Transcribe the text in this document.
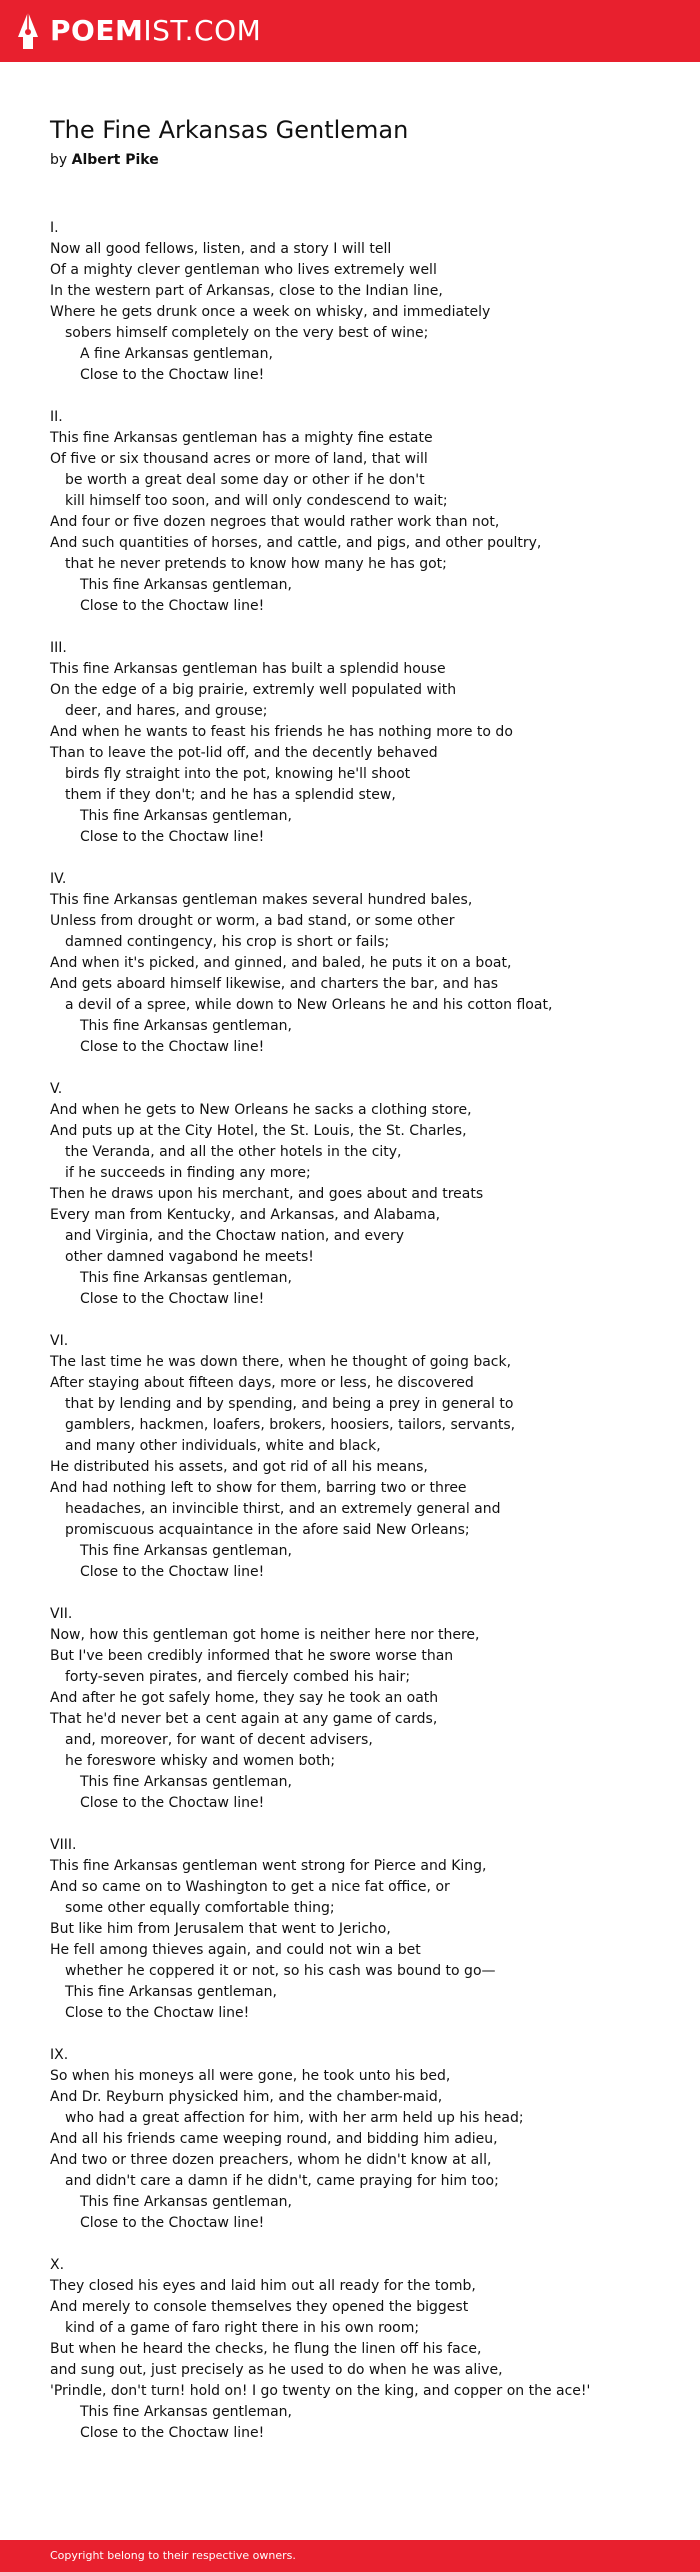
POEMIST.COM
The Fine Arkansas Gentleman
by Albert Pike
I.
Now all good fellows, listen, and a story I will tell
Of a mighty clever gentleman who lives extremely well
In the western part of Arkansas, close to the Indian line,
Where he gets drunk once a week on whisky, and immediately
sobers himself completely on the very best of wine;
A fine Arkansas gentleman,
Close to the Choctaw line!
II.
This fine Arkansas gentleman has a mighty fine estate
Of five or six thousand acres or more of land, that will
be worth a great deal some day or other if he don't
kill himself too soon, and will only condescend to wait;
And four or five dozen negroes that would rather work than not,
And such quantities of horses, and cattle, and pigs, and other poultry,
that he never pretends to know how many he has got;
This fine Arkansas gentleman,
Close to the Choctaw line!
III.
This fine Arkansas gentleman has built a splendid house
On the edge of a big prairie, extremly well populated with
deer, and hares, and grouse;
And when he wants to feast his friends he has nothing more to do
Than to leave the pot-lid off, and the decently behaved
birds fly straight into the pot, knowing he'll shoot
them if they don't; and he has a splendid stew,
This fine Arkansas gentleman,
Close to the Choctaw line!
IV.
This fine Arkansas gentleman makes several hundred bales,
Unless from drought or worm, a bad stand, or some other
damned contingency, his crop is short or fails;
And when it's picked, and ginned, and baled, he puts it on a boat,
And gets aboard himself likewise, and charters the bar, and has
a devil of a spree, while down to New Orleans he and his cotton float,
This fine Arkansas gentleman,
Close to the Choctaw line!
V.
And when he gets to New Orleans he sacks a clothing store,
And puts up at the City Hotel, the St. Louis, the St. Charles,
the Veranda, and all the other hotels in the city,
if he succeeds in finding any more;
Then he draws upon his merchant, and goes about and treats
Every man from Kentucky, and Arkansas, and Alabama,
and Virginia, and the Choctaw nation, and every
other damned vagabond he meets!
This fine Arkansas gentleman,
Close to the Choctaw line!
VI.
The last time he was down there, when he thought of going back,
After staying about fifteen days, more or less, he discovered
that by lending and by spending, and being a prey in general to
gamblers, hackmen, loafers, brokers, hoosiers, tailors, servants,
and many other individuals, white and black,
He distributed his assets, and got rid of all his means,
And had nothing left to show for them, barring two or three
headaches, an invincible thirst, and an extremely general and
promiscuous acquaintance in the afore said New Orleans;
This fine Arkansas gentleman,
Close to the Choctaw line!
VII.
Now, how this gentleman got home is neither here nor there,
But I've been credibly informed that he swore worse than
forty-seven pirates, and fiercely combed his hair;
And after he got safely home, they say he took an oath
That he'd never bet a cent again at any game of cards,
and, moreover, for want of decent advisers,
he foreswore whisky and women both;
This fine Arkansas gentleman,
Close to the Choctaw line!
VIII.
This fine Arkansas gentleman went strong for Pierce and King,
And so came on to Washington to get a nice fat office, or
some other equally comfortable thing;
But like him from Jerusalem that went to Jericho,
He fell among thieves again, and could not win a bet
whether he coppered it or not, so his cash was bound to go—
This fine Arkansas gentleman,
Close to the Choctaw line!
IX.
So when his moneys all were gone, he took unto his bed,
And Dr. Reyburn physicked him, and the chamber-maid,
who had a great affection for him, with her arm held up his head;
And all his friends came weeping round, and bidding him adieu,
And two or three dozen preachers, whom he didn't know at all,
and didn't care a damn if he didn't, came praying for him too;
This fine Arkansas gentleman,
Close to the Choctaw line!
X.
They closed his eyes and laid him out all ready for the tomb,
And merely to console themselves they opened the biggest
kind of a game of faro right there in his own room;
But when he heard the checks, he flung the linen off his face,
and sung out, just precisely as he used to do when he was alive,
'Prindle, don't turn! hold on! I go twenty on the king, and copper on the ace!'
This fine Arkansas gentleman,
Close to the Choctaw line!
Copyright belong to their respective owners.
